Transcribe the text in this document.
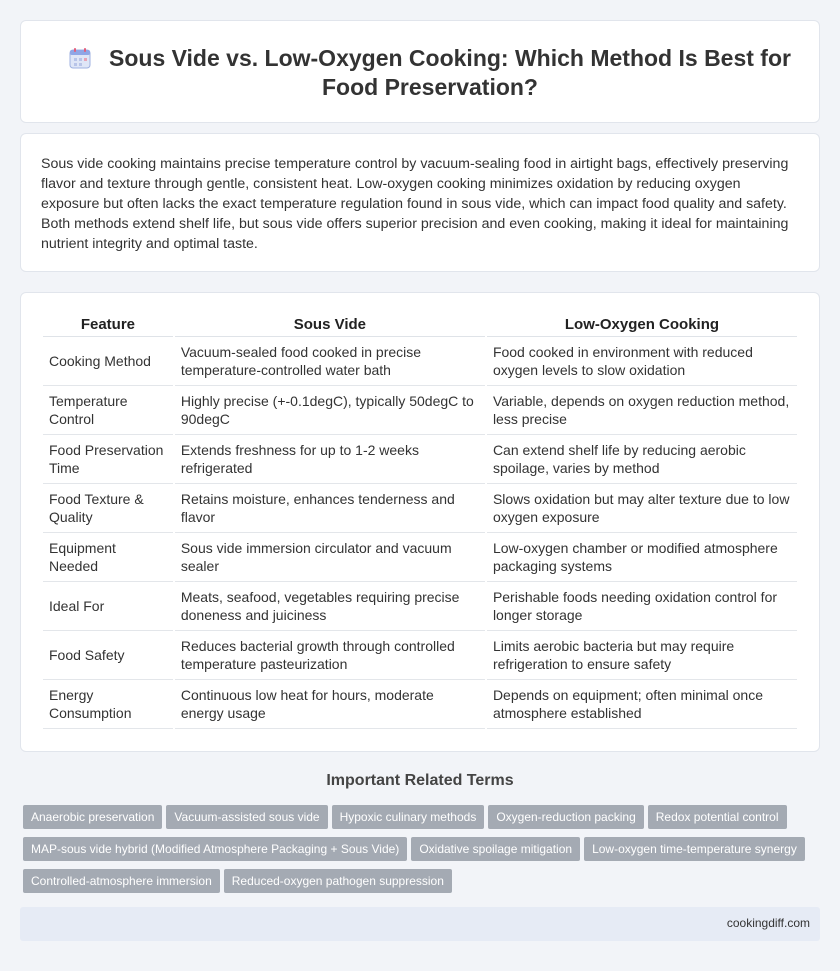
Sous Vide vs. Low-Oxygen Cooking: Which Method Is Best for Food Preservation?

Sous vide cooking maintains precise temperature control by vacuum-sealing food in airtight bags, effectively preserving flavor and texture through gentle, consistent heat. Low-oxygen cooking minimizes oxidation by reducing oxygen exposure but often lacks the exact temperature regulation found in sous vide, which can impact food quality and safety. Both methods extend shelf life, but sous vide offers superior precision and even cooking, making it ideal for maintaining nutrient integrity and optimal taste.

Feature	Sous Vide	Low-Oxygen Cooking
Cooking Method	Vacuum-sealed food cooked in precise temperature-controlled water bath	Food cooked in environment with reduced oxygen levels to slow oxidation
Temperature Control	Highly precise (+-0.1degC), typically 50degC to 90degC	Variable, depends on oxygen reduction method, less precise
Food Preservation Time	Extends freshness for up to 1-2 weeks refrigerated	Can extend shelf life by reducing aerobic spoilage, varies by method
Food Texture & Quality	Retains moisture, enhances tenderness and flavor	Slows oxidation but may alter texture due to low oxygen exposure
Equipment Needed	Sous vide immersion circulator and vacuum sealer	Low-oxygen chamber or modified atmosphere packaging systems
Ideal For	Meats, seafood, vegetables requiring precise doneness and juiciness	Perishable foods needing oxidation control for longer storage
Food Safety	Reduces bacterial growth through controlled temperature pasteurization	Limits aerobic bacteria but may require refrigeration to ensure safety
Energy Consumption	Continuous low heat for hours, moderate energy usage	Depends on equipment; often minimal once atmosphere established
Important Related Terms
Anaerobic preservation Vacuum-assisted sous vide Hypoxic culinary methods Oxygen-reduction packing Redox potential control
MAP-sous vide hybrid (Modified Atmosphere Packaging + Sous Vide) Oxidative spoilage mitigation Low-oxygen time-temperature synergy
Controlled-atmosphere immersion Reduced-oxygen pathogen suppression
cookingdiff.com
